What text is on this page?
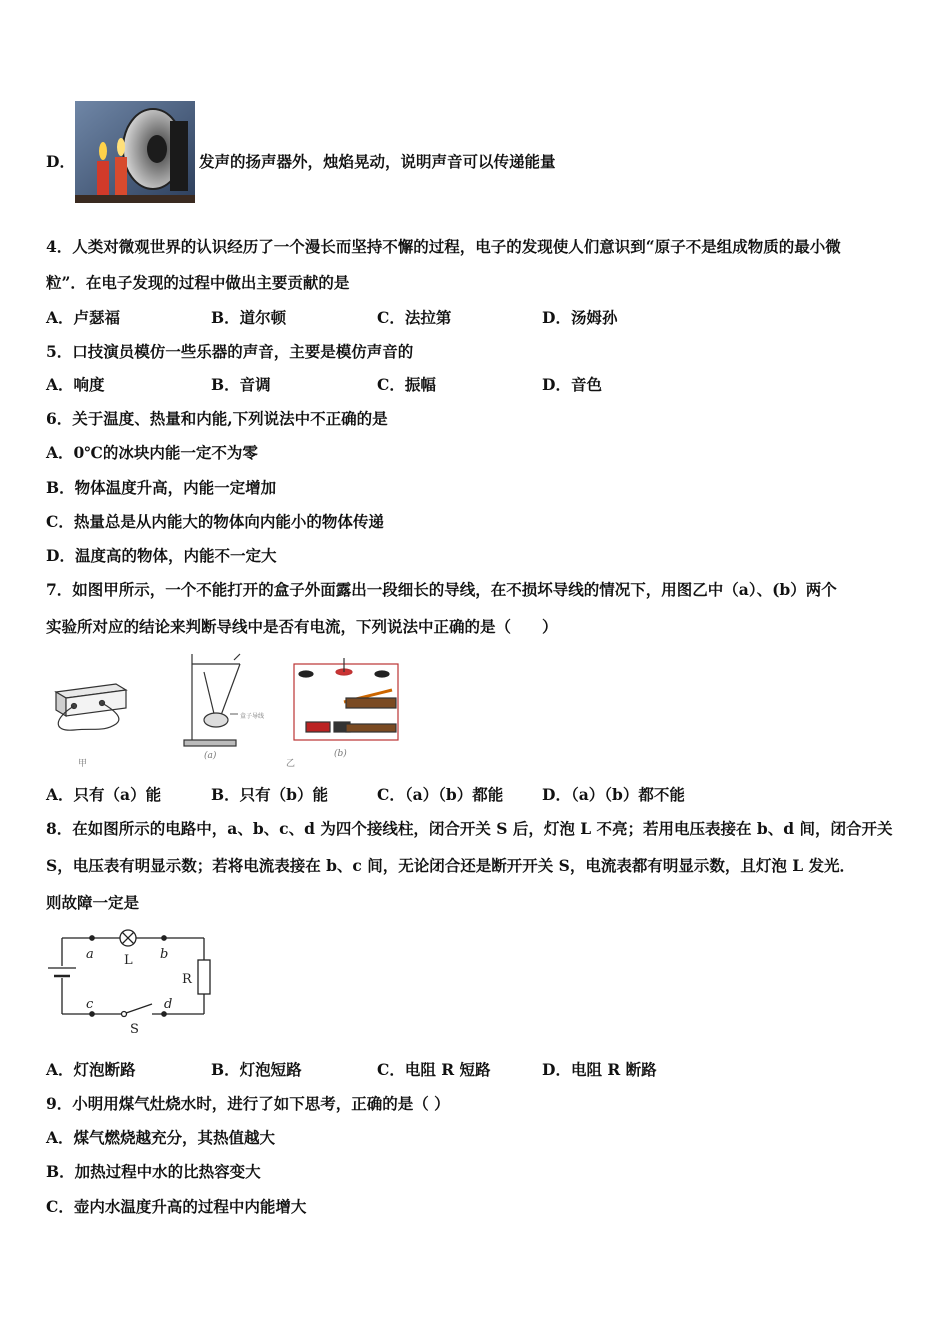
D．	发声的扬声器外，烛焰晃动，说明声音可以传递能量
4．人类对微观世界的认识经历了一个漫长而坚持不懈的过程，电子的发现使人们意识到“原子不是组成物质的最小微
粒”．在电子发现的过程中做出主要贡献的是
A．卢瑟福	B．道尔顿	C．法拉第	D．汤姆孙
5．口技演员模仿一些乐器的声音，主要是模仿声音的
A．响度	B．音调	C．振幅	D．音色
6．关于温度、热量和内能,下列说法中不正确的是
A．0℃的冰块内能一定不为零
B．物体温度升高，内能一定增加
C．热量总是从内能大的物体向内能小的物体传递
D．温度高的物体，内能不一定大
7．如图甲所示，一个不能打开的盒子外面露出一段细长的导线，在不损坏导线的情况下，用图乙中（a）、(b）两个
实验所对应的结论来判断导线中是否有电流，下列说法中正确的是（　　）
甲
盒子导线
(a)
乙
(b)
A．只有（a）能	B．只有（b）能	C．（a）（b）都能	D．（a）（b）都不能
8．在如图所示的电路中，a、b、c、d 为四个接线柱，闭合开关 S 后，灯泡 L 不亮；若用电压表接在 b、d 间，闭合开关
S，电压表有明显示数；若将电流表接在 b、c 间，无论闭合还是断开开关 S，电流表都有明显示数，且灯泡 L 发光．
则故障一定是
a	b
L
R
c	d
S
A．灯泡断路	B．灯泡短路	C．电阻 R 短路	D．电阻 R 断路
9．小明用煤气灶烧水时，进行了如下思考，正确的是（ ）
A．煤气燃烧越充分，其热值越大
B．加热过程中水的比热容变大
C．壶内水温度升高的过程中内能增大
